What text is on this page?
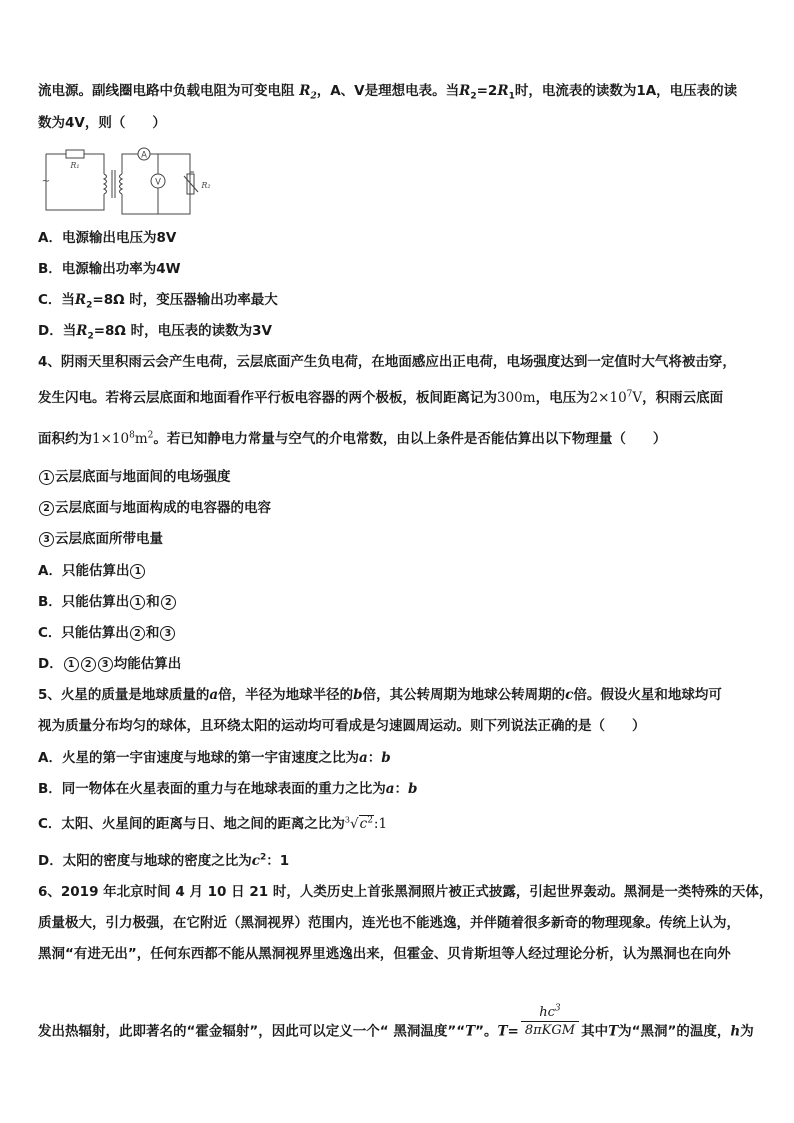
流电源。副线圈电路中负载电阻为可变电阻 $R_2$，A、V是理想电表。当$R_2=2R_1$时，电流表的读数为1A，电压表的读
数为4V，则（　　）
~
R₁
A
V	R₂
A．电源输出电压为8V
B．电源输出功率为4W
C．当$R_2=8\Omega$ 时，变压器输出功率最大
D．当$R_2=8\Omega$ 时，电压表的读数为3V
4、阴雨天里积雨云会产生电荷，云层底面产生负电荷，在地面感应出正电荷，电场强度达到一定值时大气将被击穿，
发生闪电。若将云层底面和地面看作平行板电容器的两个极板，板间距离记为300m，电压为$2\times 10^7V$，积雨云底面
面积约为$1\times 10^8m^2$。若已知静电力常量与空气的介电常数，由以上条件是否能估算出以下物理量（　　）
1 云层底面与地面间的电场强度
2 云层底面与地面构成的电容器的电容
3 云层底面所带电量
A．只能估算出 1
B．只能估算出 1 和 2
C．只能估算出 2 和 3
D． 1 2 3 均能估算出
5、火星的质量是地球质量的a倍，半径为地球半径的b倍，其公转周期为地球公转周期的c倍。假设火星和地球均可
视为质量分布均匀的球体，且环绕太阳的运动均可看成是匀速圆周运动。则下列说法正确的是（　　）
A．火星的第一宇宙速度与地球的第一宇宙速度之比为a：b
B．同一物体在火星表面的重力与在地球表面的重力之比为a：b
C．太阳、火星间的距离与日、地之间的距离之比为$^3√c^2:1$
D．太阳的密度与地球的密度之比为$c^2$：1
6、2019 年北京时间 4 月 10 日 21 时，人类历史上首张黑洞照片被正式披露，引起世界轰动。黑洞是一类特殊的天体，
质量极大，引力极强，在它附近（黑洞视界）范围内，连光也不能逃逸，并伴随着很多新奇的物理现象。传统上认为，
黑洞“有进无出”，任何东西都不能从黑洞视界里逃逸出来，但霍金、贝肯斯坦等人经过理论分析，认为黑洞也在向外
发出热辐射，此即著名的“霍金辐射”，因此可以定义一个“ 黑洞温度”“T”。$T= \frac{hc^3}{\text{8πKGM}}$ 其中T为“黑洞”的温度，h为
